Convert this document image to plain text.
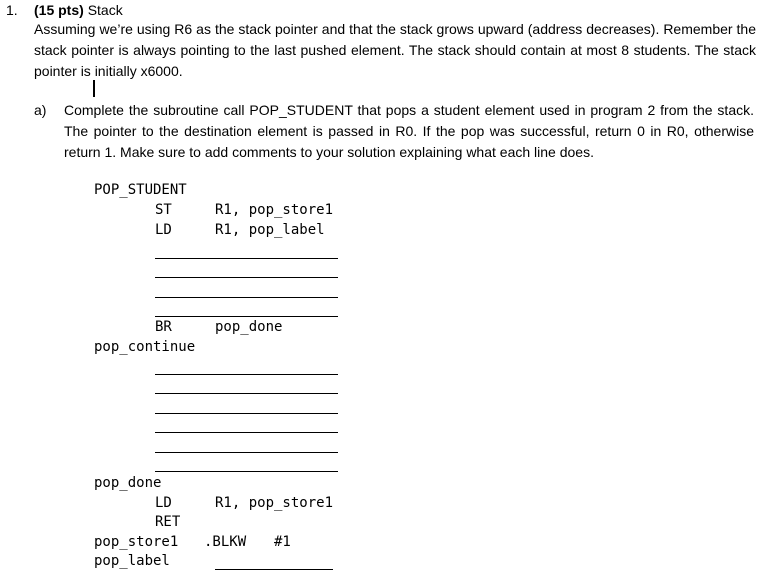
1. (15 pts) Stack

Assuming we’re using R6 as the stack pointer and that the stack grows upward (address decreases). Remember the stack pointer is always pointing to the last pushed element. The stack should contain at most 8 students. The stack pointer is initially x6000.

a) Complete the subroutine call POP_STUDENT that pops a student element used in program 2 from the stack. The pointer to the destination element is passed in R0. If the pop was successful, return 0 in R0, otherwise return 1. Make sure to add comments to your solution explaining what each line does.

POP_STUDENT
ST	R1, pop_store1
LD	R1, pop_label
BR	pop_done
pop_continue
pop_done
LD	R1, pop_store1
RET
pop_store1 .BLKW #1
pop_label
